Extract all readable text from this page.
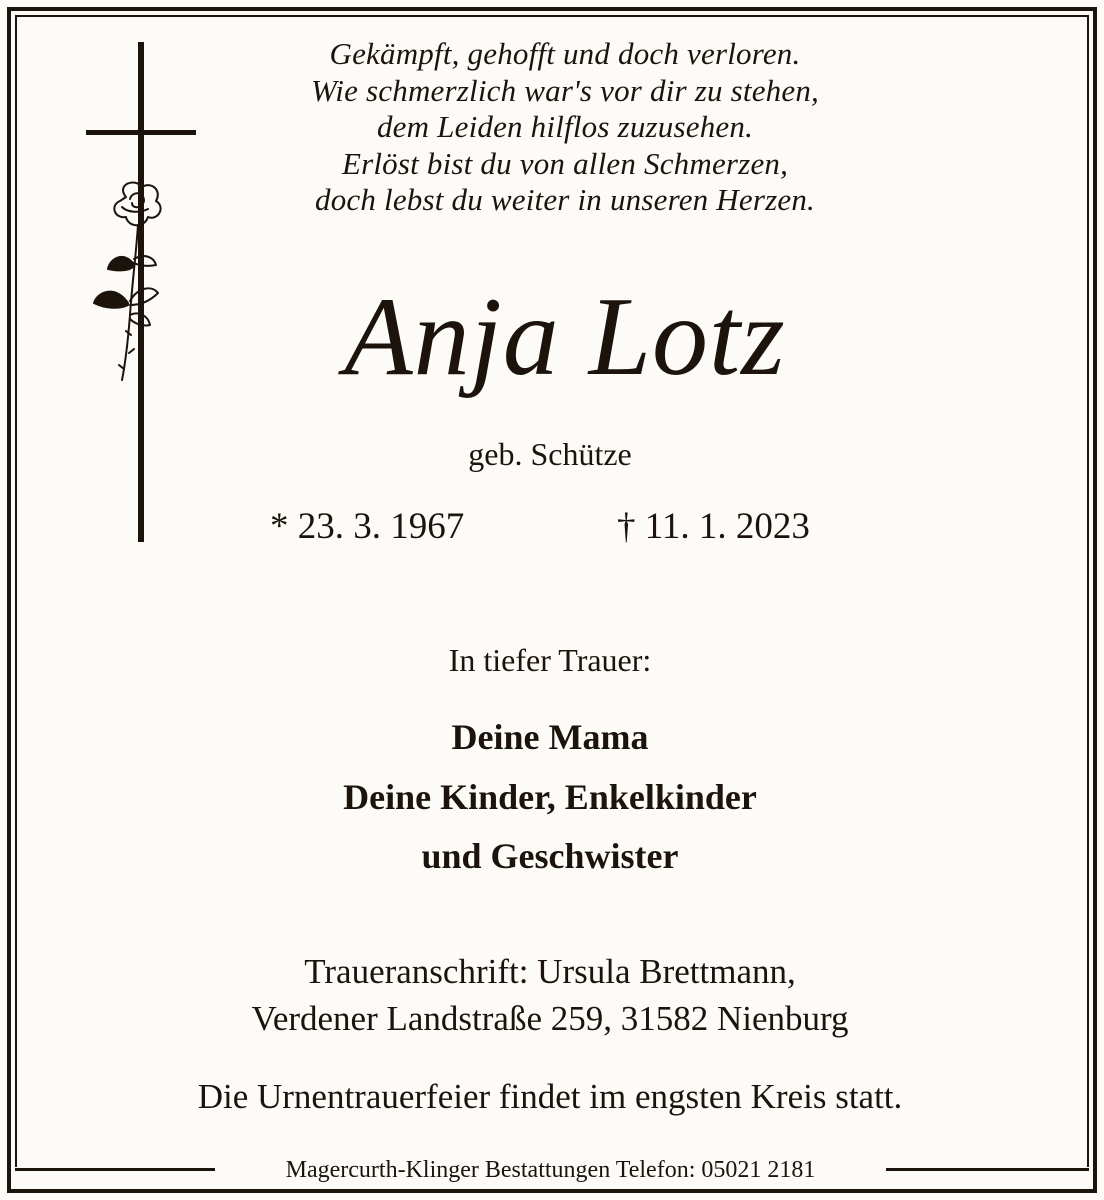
Gekämpft, gehofft und doch verloren.
Wie schmerzlich war's vor dir zu stehen,
dem Leiden hilflos zuzusehen.
Erlöst bist du von allen Schmerzen,
doch lebst du weiter in unseren Herzen.
Anja Lotz
geb. Schütze
* 23. 3. 1967	† 11. 1. 2023
In tiefer Trauer:
Deine Mama
Deine Kinder, Enkelkinder
und Geschwister
Traueranschrift: Ursula Brettmann,
Verdener Landstraße 259, 31582 Nienburg
Die Urnentrauerfeier findet im engsten Kreis statt.
Magercurth-Klinger Bestattungen Telefon: 05021 2181
